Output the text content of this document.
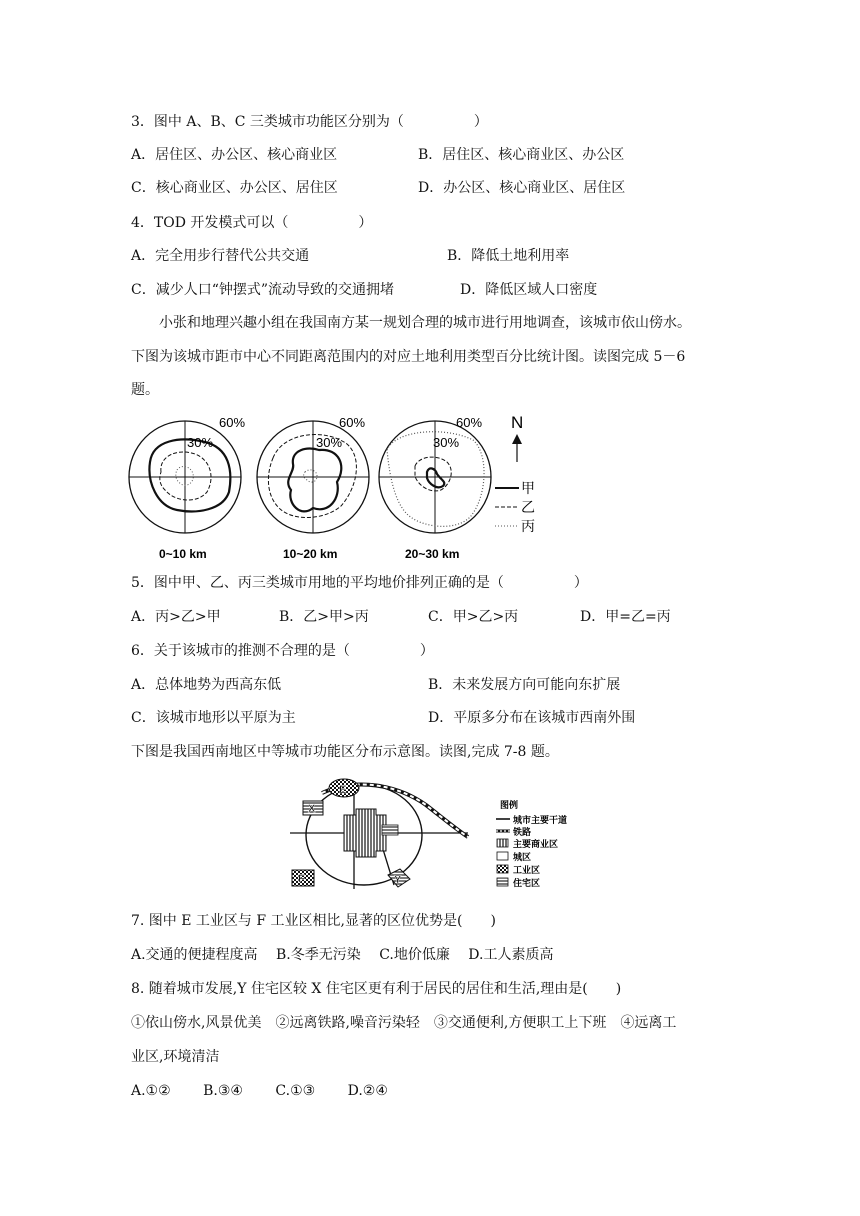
3．图中 A、B、C 三类城市功能区分别为（　　　　　）
A．居住区、办公区、核心商业区	B．居住区、核心商业区、办公区
C．核心商业区、办公区、居住区	D．办公区、核心商业区、居住区
4．TOD 开发模式可以（　　　　　）
A．完全用步行替代公共交通	B．降低土地利用率
C．减少人口“钟摆式”流动导致的交通拥堵	D．降低区域人口密度
小张和地理兴趣小组在我国南方某一规划合理的城市进行用地调查，该城市依山傍水。
下图为该城市距市中心不同距离范围内的对应土地利用类型百分比统计图。读图完成 5－6
题。
60%
30%
0~10 km
60%
30%
10~20 km
60%
30%
20~30 km
N
甲
乙
丙
5．图中甲、乙、丙三类城市用地的平均地价排列正确的是（　　　　　）
A．丙>乙>甲	B．乙>甲>丙	C．甲>乙>丙	D．甲=乙=丙
6．关于该城市的推测不合理的是（　　　　　）
A．总体地势为西高东低	B．未来发展方向可能向东扩展
C．该城市地形以平原为主	D．平原多分布在该城市西南外围
下图是我国西南地区中等城市功能区分布示意图。读图,完成 7-8 题。
E
X
F	Y
图例
城市主要干道
铁路
主要商业区
城区
工业区
住宅区
7. 图中 E 工业区与 F 工业区相比,显著的区位优势是(　　)
A.交通的便捷程度高　 B.冬季无污染　 C.地价低廉　 D.工人素质高
8. 随着城市发展,Y 住宅区较 X 住宅区更有利于居民的居住和生活,理由是(　　)
①依山傍水,风景优美　②远离铁路,噪音污染轻　③交通便利,方便职工上下班　④远离工
业区,环境清洁
A.①②　　 B.③④　　 C.①③　　 D.②④
